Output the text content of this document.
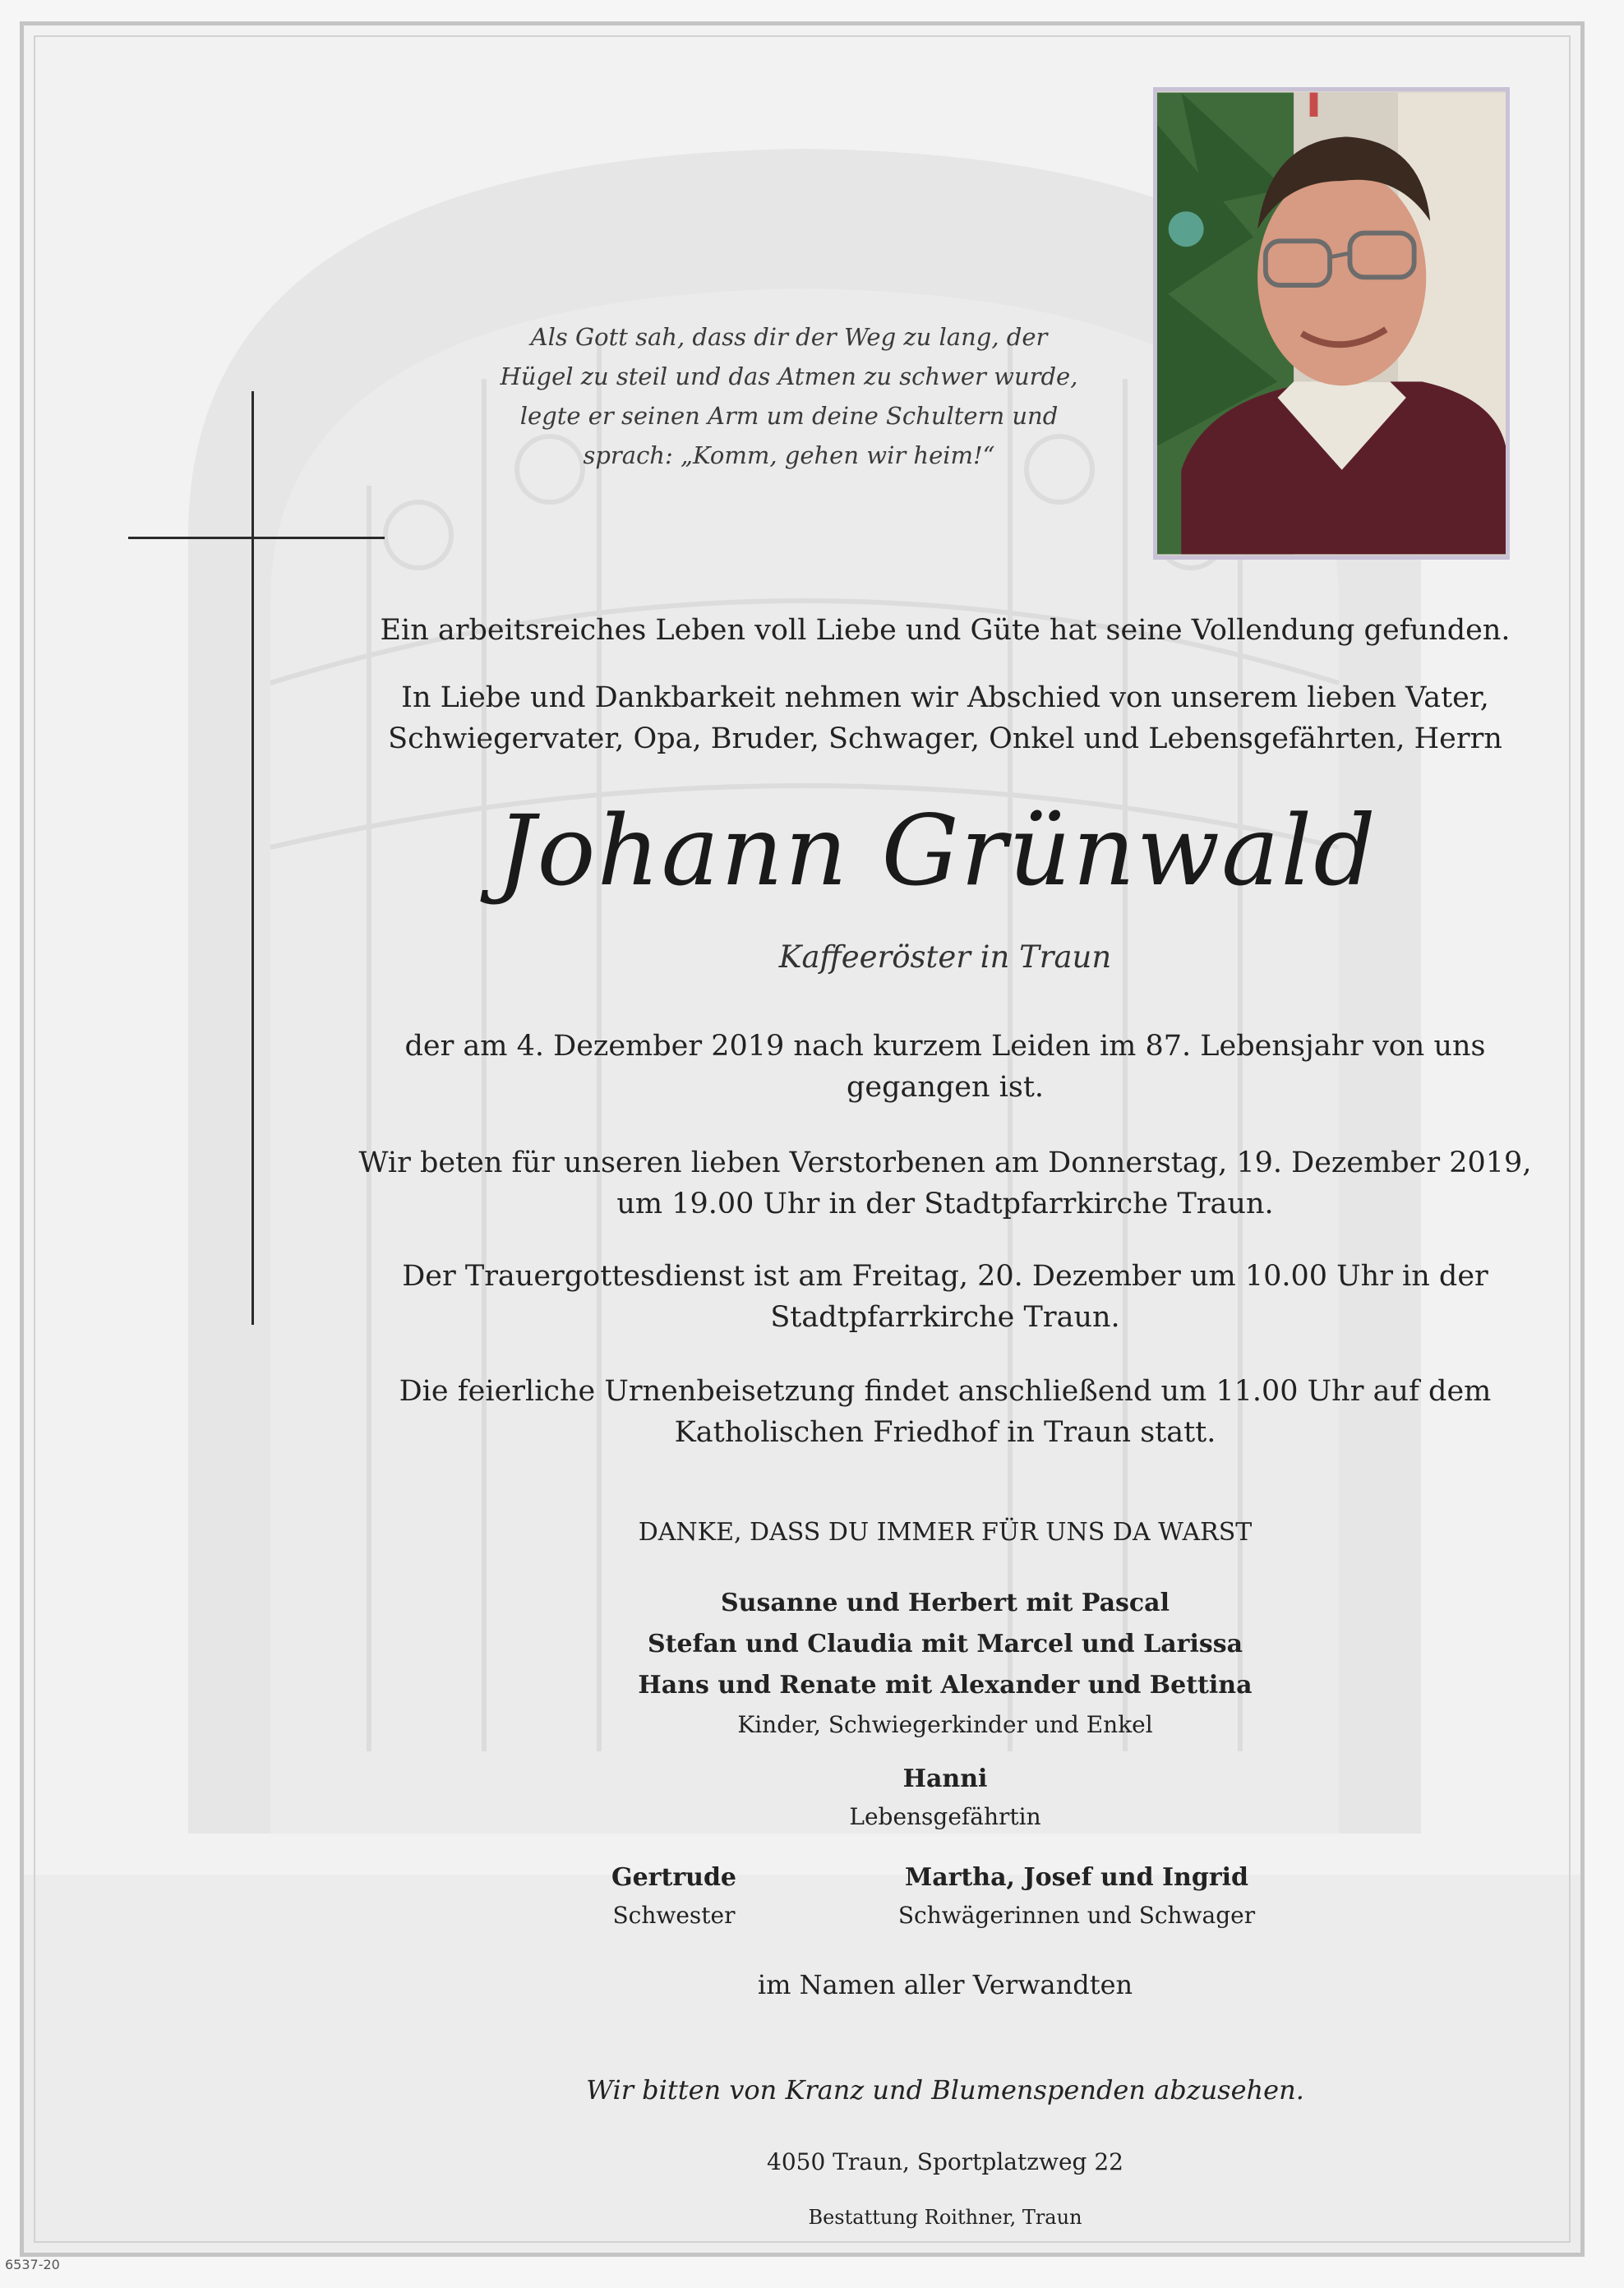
Als Gott sah, dass dir der Weg zu lang, der
Hügel zu steil und das Atmen zu schwer wurde,
legte er seinen Arm um deine Schultern und
sprach: „Komm, gehen wir heim!“

Ein arbeitsreiches Leben voll Liebe und Güte hat seine Vollendung gefunden.

In Liebe und Dankbarkeit nehmen wir Abschied von unserem lieben Vater,

Schwiegervater, Opa, Bruder, Schwager, Onkel und Lebensgefährten, Herrn

Johann Grünwald

Kaffeeröster in Traun

der am 4. Dezember 2019 nach kurzem Leiden im 87. Lebensjahr von uns

gegangen ist.

Wir beten für unseren lieben Verstorbenen am Donnerstag, 19. Dezember 2019,

um 19.00 Uhr in der Stadtpfarrkirche Traun.

Der Trauergottesdienst ist am Freitag, 20. Dezember um 10.00 Uhr in der

Stadtpfarrkirche Traun.

Die feierliche Urnenbeisetzung findet anschließend um 11.00 Uhr auf dem

Katholischen Friedhof in Traun statt.

DANKE, DASS DU IMMER FÜR UNS DA WARST

Susanne und Herbert mit Pascal

Stefan und Claudia mit Marcel und Larissa

Hans und Renate mit Alexander und Bettina

Kinder, Schwiegerkinder und Enkel

Hanni

Lebensgefährtin

Gertrude

Schwester

Martha, Josef und Ingrid

Schwägerinnen und Schwager

im Namen aller Verwandten

Wir bitten von Kranz und Blumenspenden abzusehen.

4050 Traun, Sportplatzweg 22

Bestattung Roithner, Traun

6537-20
